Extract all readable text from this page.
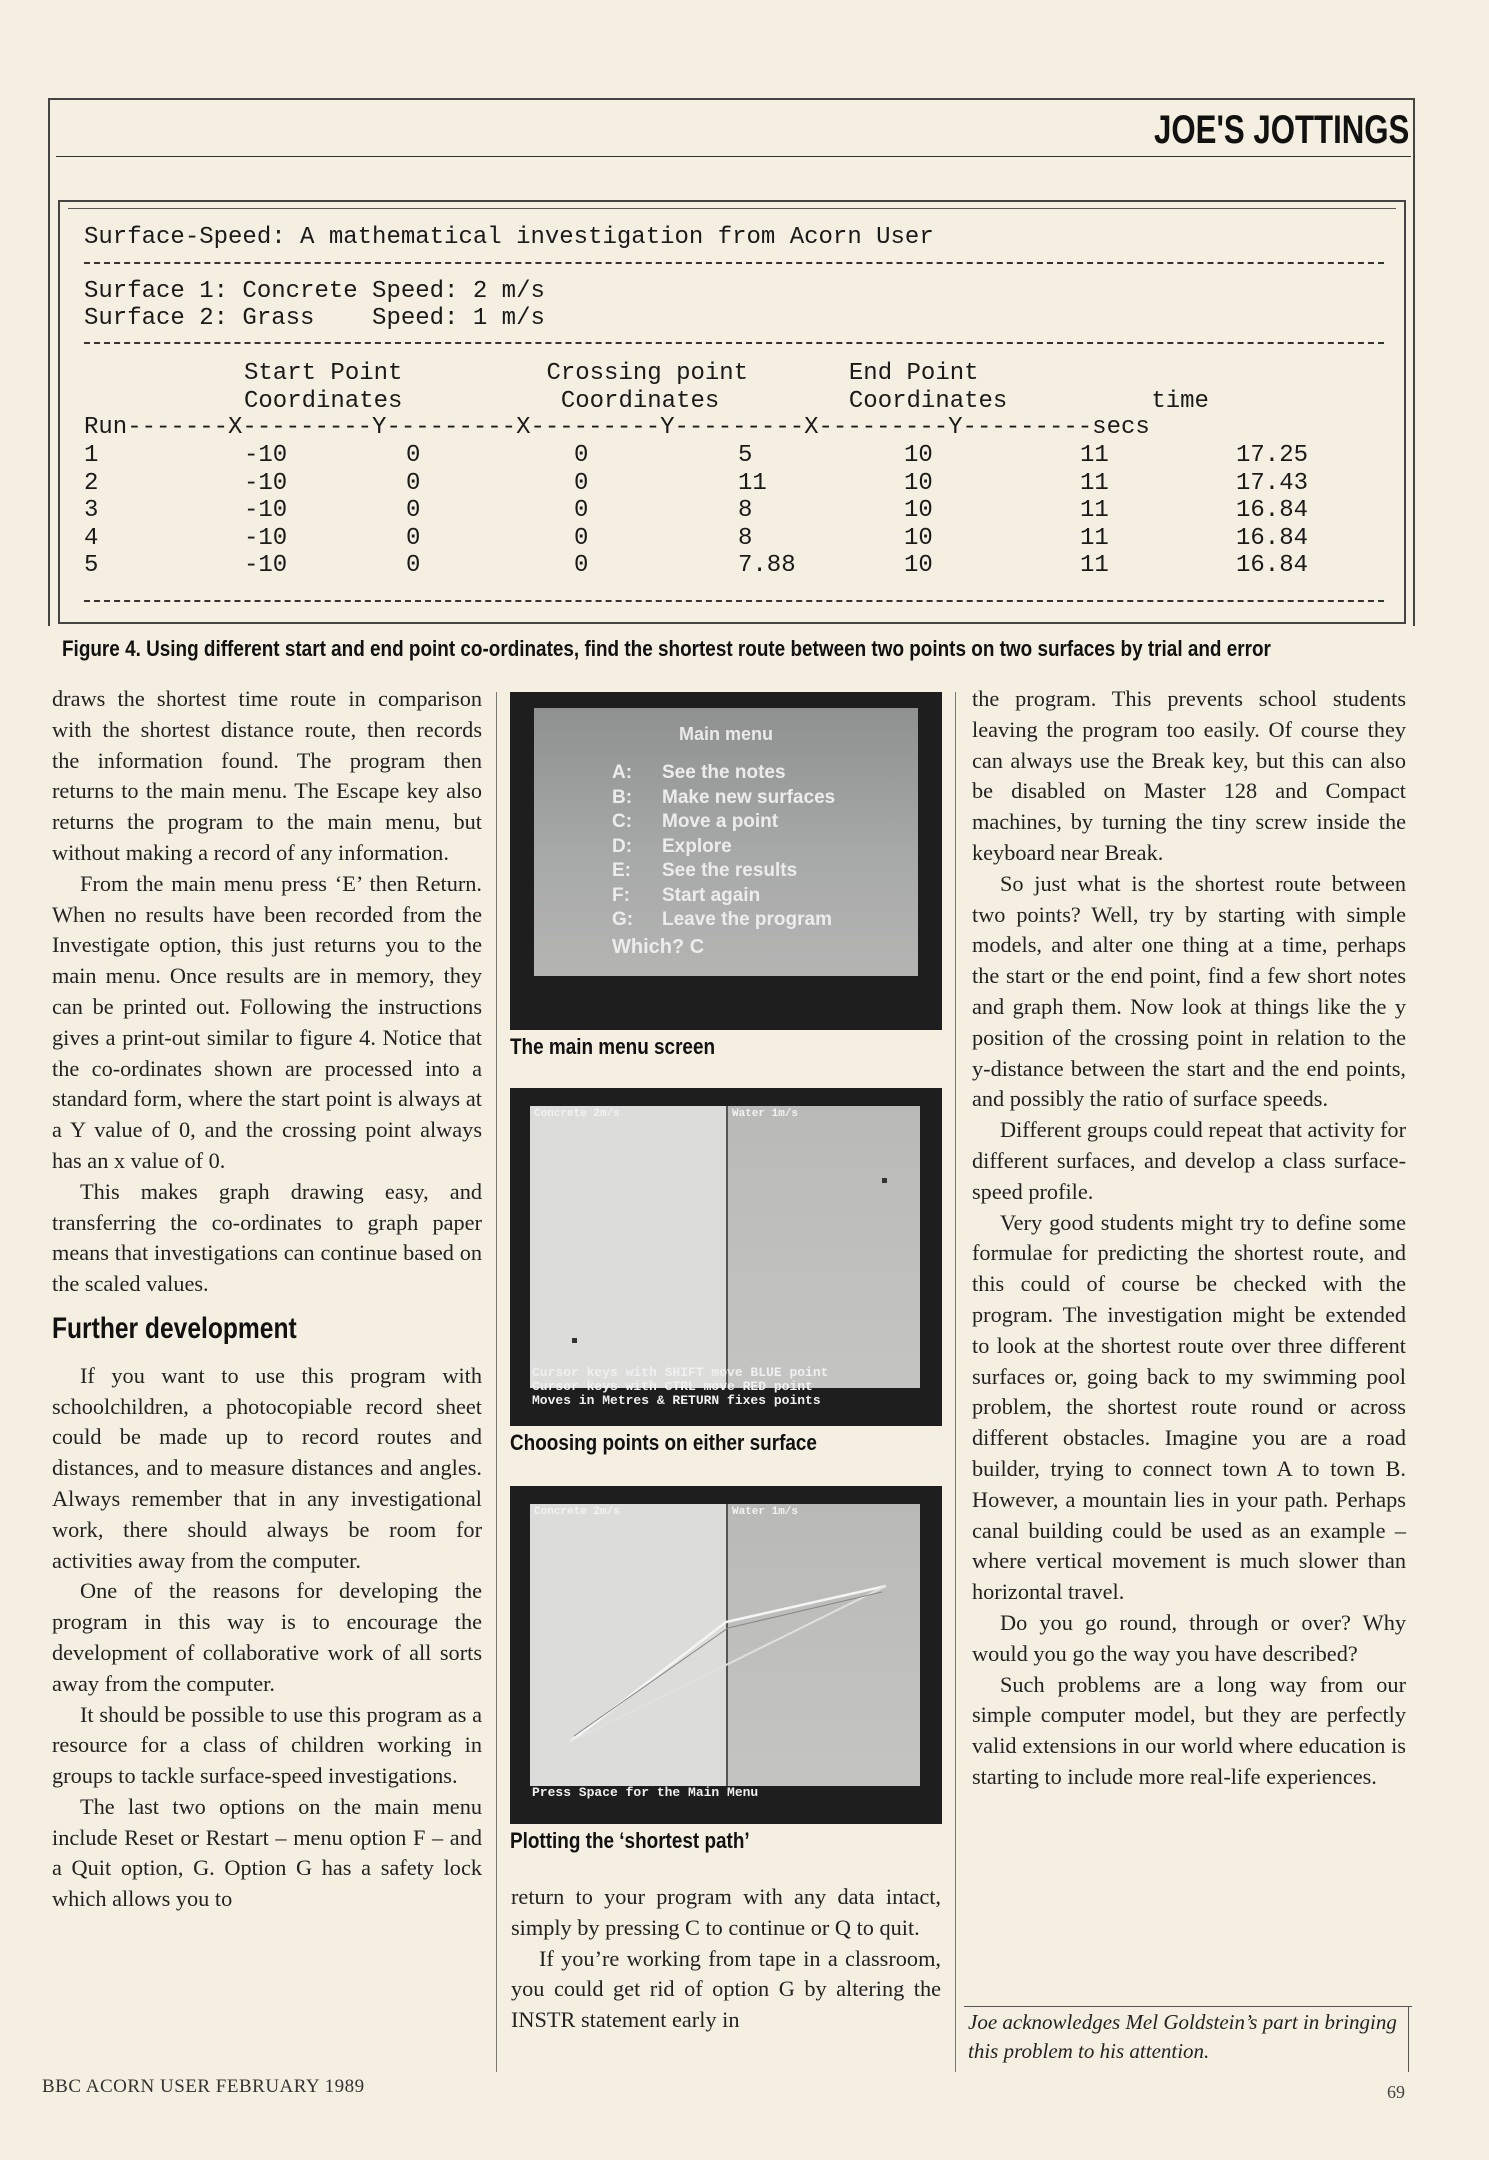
JOE'S JOTTINGS
Surface-Speed: A mathematical investigation from Acorn User
Surface 1: Concrete Speed: 2 m/s
Surface 2: Grass    Speed: 1 m/s
Start Point          Crossing point       End Point
Coordinates           Coordinates         Coordinates          time
Run-------X---------Y---------X---------Y---------X---------Y---------secs
1	-10	0	0	5	10	11	17.25
2	-10	0	0	11	10	11	17.43
3	-10	0	0	8	10	11	16.84
4	-10	0	0	8	10	11	16.84
5	-10	0	0	7.88	10	11	16.84
Figure 4. Using different start and end point co-ordinates, find the shortest route between two points on two surfaces by trial and error

draws the shortest time route in comparison with the shortest distance route, then records the information found. The program then returns to the main menu. The Escape key also returns the program to the main menu, but without making a record of any information.

From the main menu press ‘E’ then Return. When no results have been recorded from the Investigate option, this just returns you to the main menu. Once results are in memory, they can be printed out. Following the instructions gives a print-out similar to figure 4. Notice that the co-ordinates shown are processed into a standard form, where the start point is always at a Y value of 0, and the crossing point always has an x value of 0.

This makes graph drawing easy, and transferring the co-ordinates to graph paper means that investigations can continue based on the scaled values.

Further development

If you want to use this program with schoolchildren, a photocopiable record sheet could be made up to record routes and distances, and to measure distances and angles. Always remember that in any investigational work, there should always be room for activities away from the computer.

One of the reasons for developing the program in this way is to encourage the development of collaborative work of all sorts away from the computer.

It should be possible to use this program as a resource for a class of children working in groups to tackle surface-speed investigations.

The last two options on the main menu include Reset or Restart – menu option F – and a Quit option, G. Option G has a safety lock which allows you to

Main menu
A: See the notes
B: Make new surfaces
C: Move a point
D: Explore
E: See the results
F: Start again
G: Leave the program
Which? C
The main menu screen
Concrete 2m/s	Water 1m/s
Cursor keys with SHIFT move BLUE point
Cursor keys with CTRL move RED point
Moves in Metres & RETURN fixes points
Choosing points on either surface
Concrete 2m/s	Water 1m/s
Press Space for the Main Menu
Plotting the ‘shortest path’

return to your program with any data intact, simply by pressing C to continue or Q to quit.

If you’re working from tape in a classroom, you could get rid of option G by altering the INSTR statement early in

the program. This prevents school students leaving the program too easily. Of course they can always use the Break key, but this can also be disabled on Master 128 and Compact machines, by turning the tiny screw inside the keyboard near Break.

So just what is the shortest route between two points? Well, try by starting with simple models, and alter one thing at a time, perhaps the start or the end point, find a few short notes and graph them. Now look at things like the y position of the crossing point in relation to the y-distance between the start and the end points, and possibly the ratio of surface speeds.

Different groups could repeat that activity for different surfaces, and develop a class surface-speed profile.

Very good students might try to define some formulae for predicting the shortest route, and this could of course be checked with the program. The investigation might be extended to look at the shortest route over three different surfaces or, going back to my swimming pool problem, the shortest route round or across different obstacles. Imagine you are a road builder, trying to connect town A to town B. However, a mountain lies in your path. Perhaps canal building could be used as an example – where vertical movement is much slower than horizontal travel.

Do you go round, through or over? Why would you go the way you have described?

Such problems are a long way from our simple computer model, but they are perfectly valid extensions in our world where education is starting to include more real-life experiences.

Joe acknowledges Mel Goldstein’s part in bringing this problem to his attention.
BBC ACORN USER FEBRUARY 1989	69
